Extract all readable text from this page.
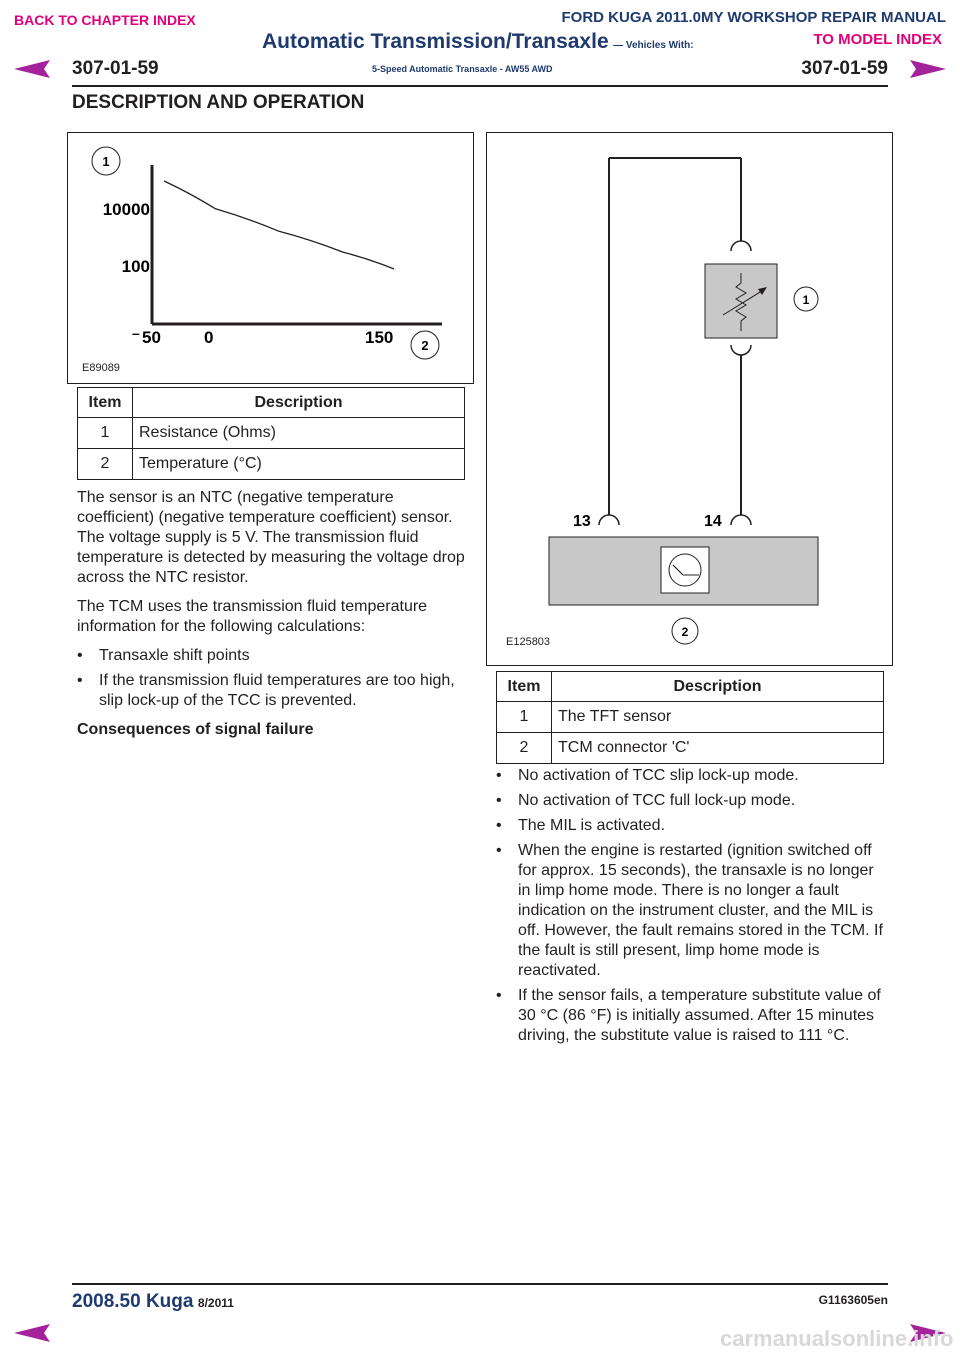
BACK TO CHAPTER INDEX	FORD KUGA 2011.0MY WORKSHOP REPAIR MANUAL
TO MODEL INDEX
Automatic Transmission/Transaxle — Vehicles With:
5-Speed Automatic Transaxle - AW55 AWD
307-01-59	307-01-59
DESCRIPTION AND OPERATION
1
10000
100
– 50	0	150 2
E89089
Item	Description
1	Resistance (Ohms)
2	Temperature (°C)

The sensor is an NTC (negative temperature coefficient) (negative temperature coefficient) sensor. The voltage supply is 5 V. The transmission fluid temperature is detected by measuring the voltage drop across the NTC resistor.

The TCM uses the transmission fluid temperature information for the following calculations:

• Transaxle shift points
• If the transmission fluid temperatures are too high, slip lock-up of the TCC is prevented.
Consequences of signal failure
1
13	14
2
E125803
Item	Description
1	The TFT sensor
2	TCM connector 'C'
• No activation of TCC slip lock-up mode.
• No activation of TCC full lock-up mode.
• The MIL is activated.
• When the engine is restarted (ignition switched off for approx. 15 seconds), the transaxle is no longer in limp home mode. There is no longer a fault indication on the instrument cluster, and the MIL is off. However, the fault remains stored in the TCM. If the fault is still present, limp home mode is reactivated.
• If the sensor fails, a temperature substitute value of 30 °C (86 °F) is initially assumed. After 15 minutes driving, the substitute value is raised to 111 °C.
2008.50 Kuga 8/2011	G1163605en
carmanualsonline.info
